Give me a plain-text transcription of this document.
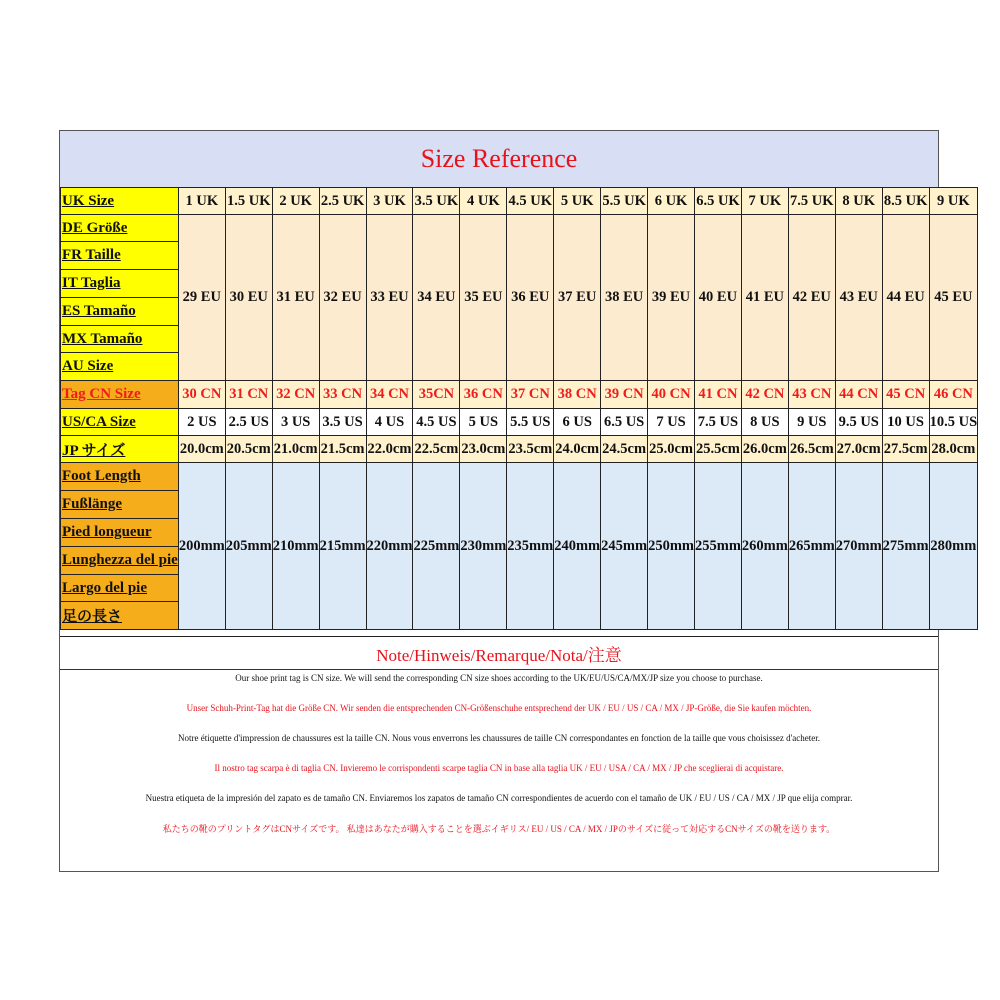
Size Reference
UK Size	1 UK	1.5 UK	2 UK	2.5 UK	3 UK	3.5 UK	4 UK	4.5 UK	5 UK	5.5 UK	6 UK	6.5 UK	7 UK	7.5 UK	8 UK	8.5 UK	9 UK
DE Größe	29 EU	30 EU	31 EU	32 EU	33 EU	34 EU	35 EU	36 EU	37 EU	38 EU	39 EU	40 EU	41 EU	42 EU	43 EU	44 EU	45 EU
FR Taille																	
IT Taglia																	
ES Tamaño																	
MX Tamaño																	
AU Size																	
Tag CN Size	30 CN	31 CN	32 CN	33 CN	34 CN	35CN	36 CN	37 CN	38 CN	39 CN	40 CN	41 CN	42 CN	43 CN	44 CN	45 CN	46 CN
US/CA Size	2 US	2.5 US	3 US	3.5 US	4 US	4.5 US	5 US	5.5 US	6 US	6.5 US	7 US	7.5 US	8 US	9 US	9.5 US	10 US	10.5 US
JP サイズ	20.0cm	20.5cm	21.0cm	21.5cm	22.0cm	22.5cm	23.0cm	23.5cm	24.0cm	24.5cm	25.0cm	25.5cm	26.0cm	26.5cm	27.0cm	27.5cm	28.0cm
Foot Length	200mm	205mm	210mm	215mm	220mm	225mm	230mm	235mm	240mm	245mm	250mm	255mm	260mm	265mm	270mm	275mm	280mm
Fußlänge																	
Pied longueur																	
Lunghezza del pie																	
Largo del pie																	
足の長さ																	
Note/Hinweis/Remarque/Nota/注意
Our shoe print tag is CN size. We will send the corresponding CN size shoes according to the UK/EU/US/CA/MX/JP size you choose to purchase.
Unser Schuh-Print-Tag hat die Größe CN. Wir senden die entsprechenden CN-Größenschuhe entsprechend der UK / EU / US / CA / MX / JP-Größe, die Sie kaufen möchten.
Notre étiquette d'impression de chaussures est la taille CN. Nous vous enverrons les chaussures de taille CN correspondantes en fonction de la taille que vous choisissez d'acheter.
Il nostro tag scarpa è di taglia CN. Invieremo le corrispondenti scarpe taglia CN in base alla taglia UK / EU / USA / CA / MX / JP che sceglierai di acquistare.
Nuestra etiqueta de la impresión del zapato es de tamaño CN. Enviaremos los zapatos de tamaño CN correspondientes de acuerdo con el tamaño de UK / EU / US / CA / MX / JP que elija comprar.
私たちの靴のプリントタグはCNサイズです。 私達はあなたが購入することを選ぶイギリス/ EU / US / CA / MX / JPのサイズに従って対応するCNサイズの靴を送ります。
